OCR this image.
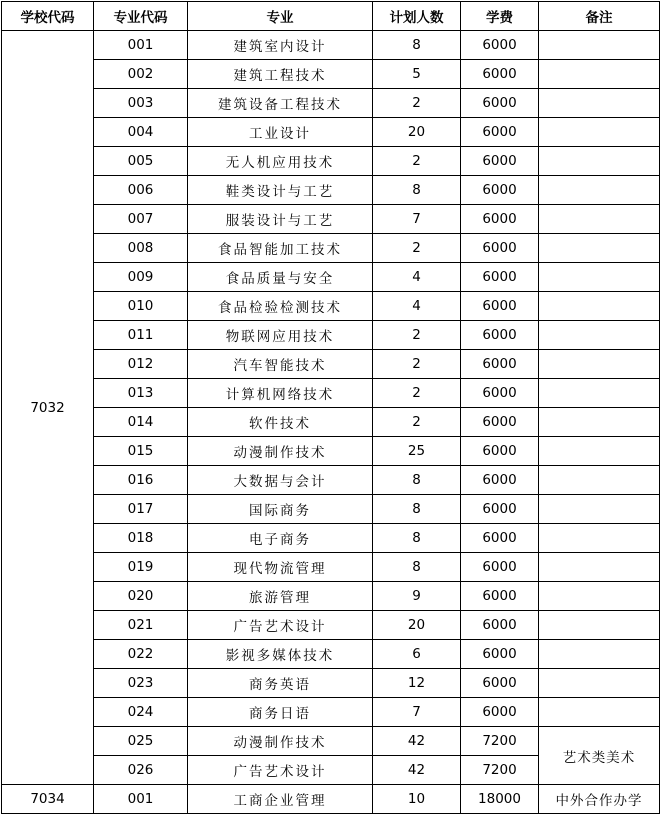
学校代码	专业代码	专业	计划人数	学费	备注
7032	001	建筑室内设计	8	6000	
	002	建筑工程技术	5	6000	
	003	建筑设备工程技术	2	6000	
	004	工业设计	20	6000	
	005	无人机应用技术	2	6000	
	006	鞋类设计与工艺	8	6000	
	007	服装设计与工艺	7	6000	
	008	食品智能加工技术	2	6000	
	009	食品质量与安全	4	6000	
	010	食品检验检测技术	4	6000	
	011	物联网应用技术	2	6000	
	012	汽车智能技术	2	6000	
	013	计算机网络技术	2	6000	
	014	软件技术	2	6000	
	015	动漫制作技术	25	6000	
	016	大数据与会计	8	6000	
	017	国际商务	8	6000	
	018	电子商务	8	6000	
	019	现代物流管理	8	6000	
	020	旅游管理	9	6000	
	021	广告艺术设计	20	6000	
	022	影视多媒体技术	6	6000	
	023	商务英语	12	6000	
	024	商务日语	7	6000	
	025	动漫制作技术	42	7200	艺术类美术
	026	广告艺术设计	42	7200	
7034	001	工商企业管理	10	18000	中外合作办学
